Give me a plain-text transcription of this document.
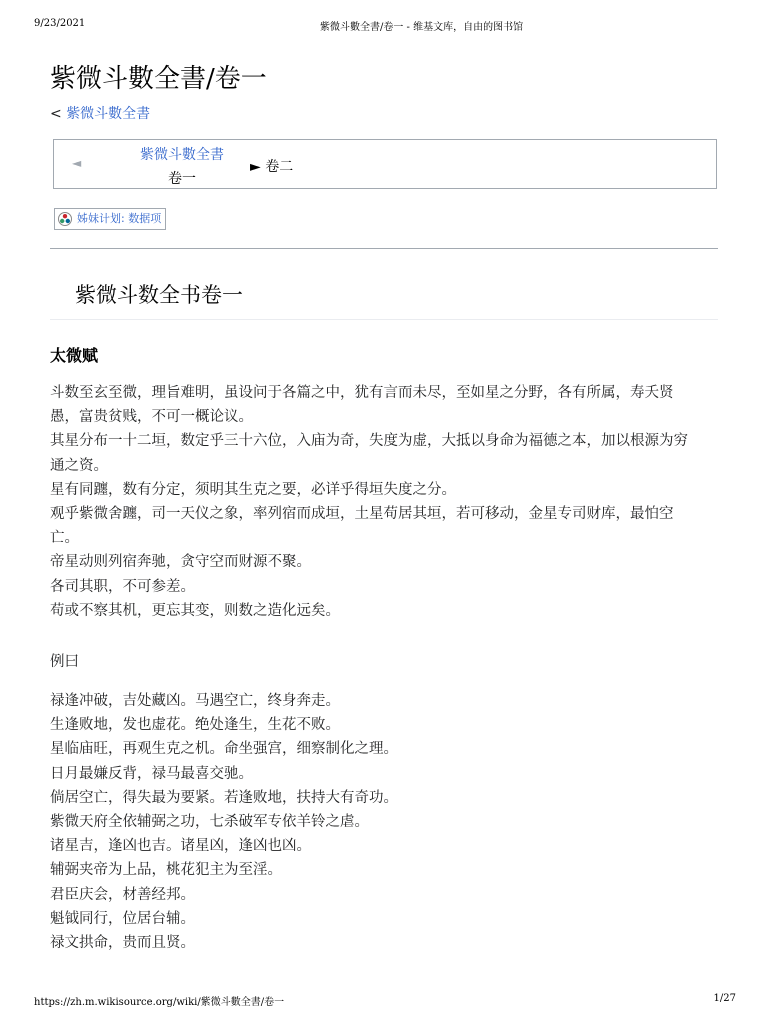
9/23/2021	紫微斗數全書/卷一 - 维基文库，自由的图书馆
紫微斗數全書/卷一
< 紫微斗數全書
◄	紫微斗數全書
卷一
► 卷二
姊妹计划: 数据项
紫微斗数全书卷一
太微赋
斗数至玄至微，理旨难明，虽设问于各篇之中，犹有言而未尽，至如星之分野，各有所属，寿夭贤
愚，富贵贫贱，不可一概论议。
其星分布一十二垣，数定乎三十六位，入庙为奇，失度为虚，大抵以身命为福德之本，加以根源为穷
通之资。
星有同躔，数有分定，须明其生克之要，必详乎得垣失度之分。
观乎紫微舍躔，司一天仪之象，率列宿而成垣，土星苟居其垣，若可移动，金星专司财库，最怕空
亡。
帝星动则列宿奔驰，贪守空而财源不聚。
各司其职，不可参差。
苟或不察其机，更忘其变，则数之造化远矣。

例曰

禄逢冲破，吉处藏凶。马遇空亡，终身奔走。
生逢败地，发也虚花。绝处逢生，生花不败。
星临庙旺，再观生克之机。命坐强宫，细察制化之理。
日月最嫌反背，禄马最喜交驰。
倘居空亡，得失最为要紧。若逢败地，扶持大有奇功。
紫微天府全依辅弼之功，七杀破军专依羊铃之虐。
诸星吉，逢凶也吉。诸星凶，逢凶也凶。
辅弼夹帝为上品，桃花犯主为至淫。
君臣庆会，材善经邦。
魁钺同行，位居台辅。
禄文拱命，贵而且贤。
https://zh.m.wikisource.org/wiki/紫微斗數全書/卷一	1/27
